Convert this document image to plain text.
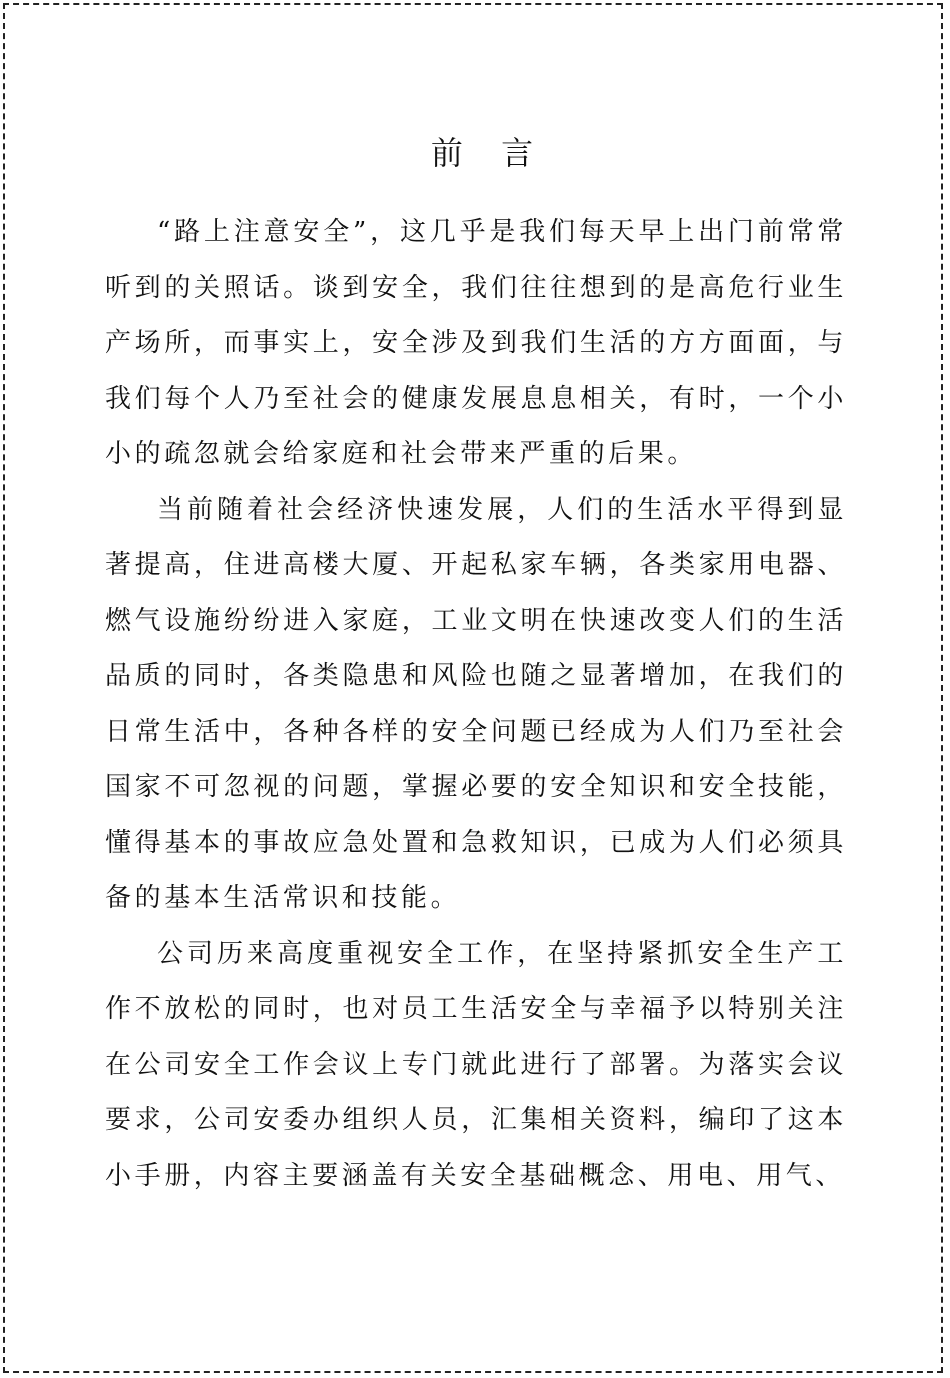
前 言

“路上注意安全”，这几乎是我们每天早上出门前常常听到的关照话。谈到安全，我们往往想到的是高危行业生产场所，而事实上，安全涉及到我们生活的方方面面，与我们每个人乃至社会的健康发展息息相关，有时，一个小小的疏忽就会给家庭和社会带来严重的后果。

当前随着社会经济快速发展，人们的生活水平得到显著提高，住进高楼大厦、开起私家车辆，各类家用电器、燃气设施纷纷进入家庭，工业文明在快速改变人们的生活品质的同时，各类隐患和风险也随之显著增加，在我们的日常生活中，各种各样的安全问题已经成为人们乃至社会国家不可忽视的问题，掌握必要的安全知识和安全技能，懂得基本的事故应急处置和急救知识，已成为人们必须具备的基本生活常识和技能。

公司历来高度重视安全工作，在坚持紧抓安全生产工作不放松的同时，也对员工生活安全与幸福予以特别关注在公司安全工作会议上专门就此进行了部署。为落实会议要求，公司安委办组织人员，汇集相关资料，编印了这本小手册，内容主要涵盖有关安全基础概念、用电、用气、
